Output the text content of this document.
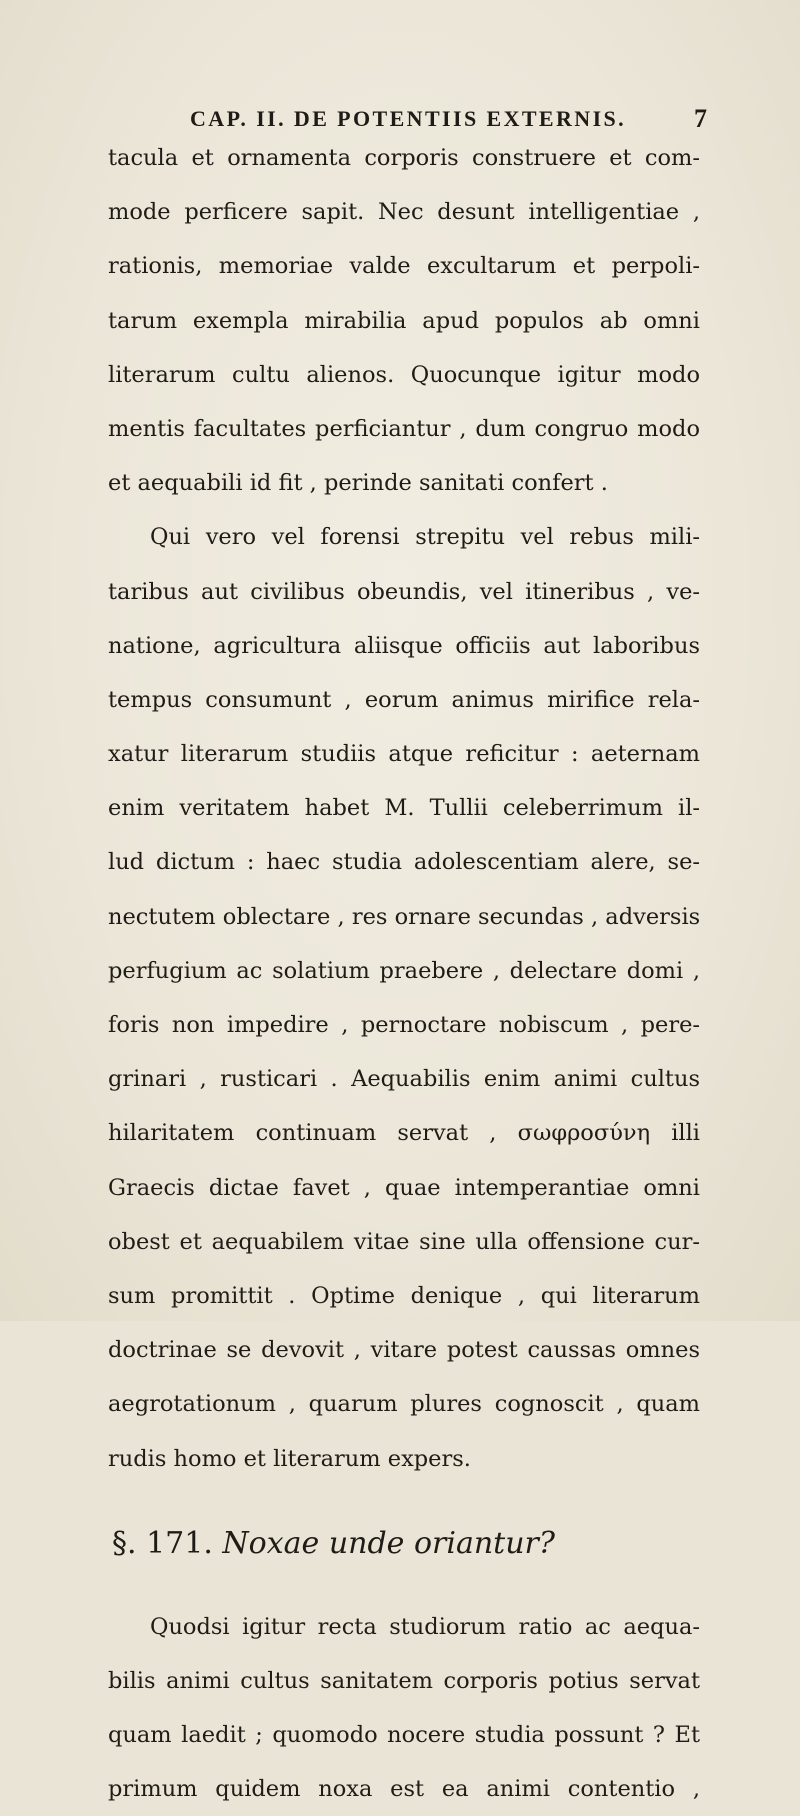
CAP. II. DE POTENTIIS EXTERNIS.	7
tacula et ornamenta corporis construere et com-
mode perficere sapit. Nec desunt intelligentiae ,
rationis, memoriae valde excultarum et perpoli-
tarum exempla mirabilia apud populos ab omni
literarum cultu alienos. Quocunque igitur modo
mentis facultates perficiantur , dum congruo modo
et aequabili id fit , perinde sanitati confert .
Qui vero vel forensi strepitu vel rebus mili-
taribus aut civilibus obeundis, vel itineribus , ve-
natione, agricultura aliisque officiis aut laboribus
tempus consumunt , eorum animus mirifice rela-
xatur literarum studiis atque reficitur : aeternam
enim veritatem habet M. Tullii celeberrimum il-
lud dictum : haec studia adolescentiam alere, se-
nectutem oblectare , res ornare secundas , adversis
perfugium ac solatium praebere , delectare domi ,
foris non impedire , pernoctare nobiscum , pere-
grinari , rusticari . Aequabilis enim animi cultus
hilaritatem continuam servat , σωφροσύνη illi
Graecis dictae favet , quae intemperantiae omni
obest et aequabilem vitae sine ulla offensione cur-
sum promittit . Optime denique , qui literarum
doctrinae se devovit , vitare potest caussas omnes
aegrotationum , quarum plures cognoscit , quam
rudis homo et literarum expers.
§. 171. Noxae unde oriantur?
Quodsi igitur recta studiorum ratio ac aequa-
bilis animi cultus sanitatem corporis potius servat
quam laedit ; quomodo nocere studia possunt ? Et
primum quidem noxa est ea animi contentio ,
